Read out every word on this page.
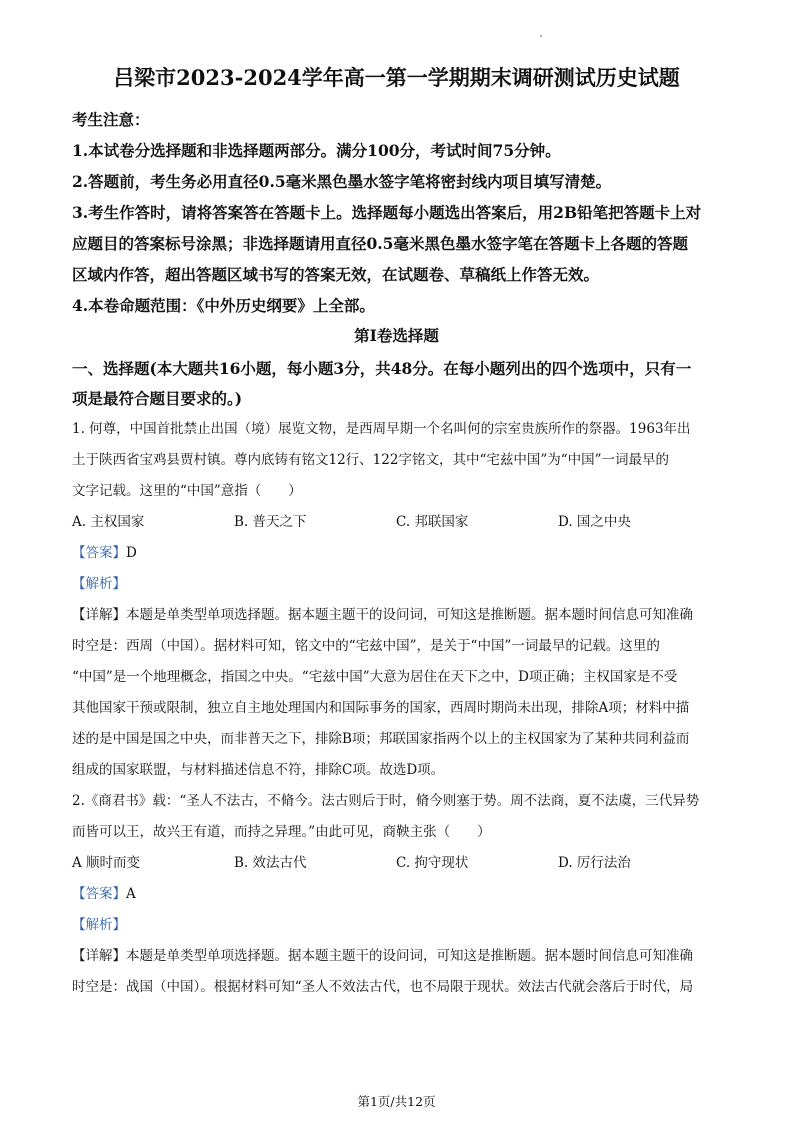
吕梁市2023-2024学年高一第一学期期末调研测试历史试题
考生注意：
1.本试卷分选择题和非选择题两部分。满分100分，考试时间75分钟。
2.答题前，考生务必用直径0.5毫米黑色墨水签字笔将密封线内项目填写清楚。
3.考生作答时，请将答案答在答题卡上。选择题每小题选出答案后，用2B铅笔把答题卡上对
应题目的答案标号涂黑；非选择题请用直径0.5毫米黑色墨水签字笔在答题卡上各题的答题
区域内作答，超出答题区域书写的答案无效，在试题卷、草稿纸上作答无效。
4.本卷命题范围：《中外历史纲要》上全部。
第Ⅰ卷选择题
一、选择题(本大题共16小题，每小题3分，共48分。在每小题列出的四个选项中，只有一
项是最符合题目要求的。)
1. 何尊，中国首批禁止出国（境）展览文物，是西周早期一个名叫何的宗室贵族所作的祭器。1963年出
土于陕西省宝鸡县贾村镇。尊内底铸有铭文12行、122字铭文，其中“宅兹中国”为“中国”一词最早的
文字记载。这里的“中国”意指（　　）
A. 主权国家	B. 普天之下	C. 邦联国家	D. 国之中央
【答案】D
【解析】
【详解】本题是单类型单项选择题。据本题主题干的设问词，可知这是推断题。据本题时间信息可知准确
时空是：西周（中国）。据材料可知，铭文中的“宅兹中国”，是关于“中国”一词最早的记载。这里的
“中国”是一个地理概念，指国之中央。“宅兹中国”大意为居住在天下之中，D项正确；主权国家是不受
其他国家干预或限制，独立自主地处理国内和国际事务的国家，西周时期尚未出现，排除A项；材料中描
述的是中国是国之中央，而非普天之下，排除B项；邦联国家指两个以上的主权国家为了某种共同利益而
组成的国家联盟，与材料描述信息不符，排除C项。故选D项。
2.《商君书》载：“圣人不法古，不脩今。法古则后于时，脩今则塞于势。周不法商，夏不法虞，三代异势
而皆可以王，故兴王有道，而持之异理。”由此可见，商鞅主张（　　）
A 顺时而变	B. 效法古代	C. 拘守现状	D. 厉行法治
【答案】A
【解析】
【详解】本题是单类型单项选择题。据本题主题干的设问词，可知这是推断题。据本题时间信息可知准确
时空是：战国（中国）。根据材料可知“圣人不效法古代，也不局限于现状。效法古代就会落后于时代，局
第1页/共12页
